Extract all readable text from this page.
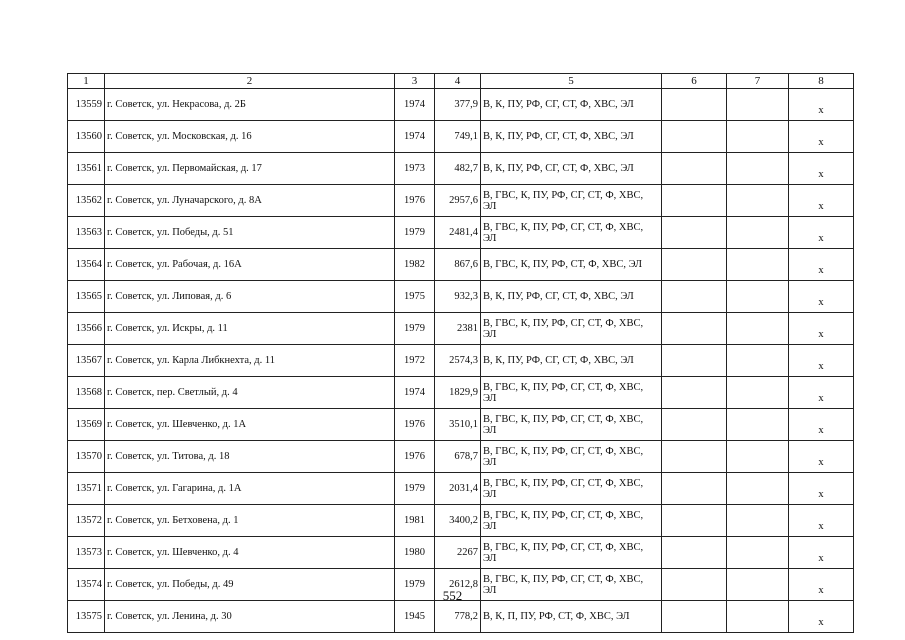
1	2	3	4	5	6	7	8
13559	г. Советск, ул. Некрасова, д. 2Б	1974	377,9	В, К, ПУ, РФ, СГ, СТ, Ф, ХВС, ЭЛ			x
13560	г. Советск, ул. Московская, д. 16	1974	749,1	В, К, ПУ, РФ, СГ, СТ, Ф, ХВС, ЭЛ			x
13561	г. Советск, ул. Первомайская, д. 17	1973	482,7	В, К, ПУ, РФ, СГ, СТ, Ф, ХВС, ЭЛ			x
13562	г. Советск, ул. Луначарского, д. 8А	1976	2957,6	В, ГВС, К, ПУ, РФ, СГ, СТ, Ф, ХВС, ЭЛ			x
13563	г. Советск, ул. Победы, д. 51	1979	2481,4	В, ГВС, К, ПУ, РФ, СГ, СТ, Ф, ХВС, ЭЛ			x
13564	г. Советск, ул. Рабочая, д. 16А	1982	867,6	В, ГВС, К, ПУ, РФ, СТ, Ф, ХВС, ЭЛ			x
13565	г. Советск, ул. Липовая, д. 6	1975	932,3	В, К, ПУ, РФ, СГ, СТ, Ф, ХВС, ЭЛ			x
13566	г. Советск, ул. Искры, д. 11	1979	2381	В, ГВС, К, ПУ, РФ, СГ, СТ, Ф, ХВС, ЭЛ			x
13567	г. Советск, ул. Карла Либкнехта, д. 11	1972	2574,3	В, К, ПУ, РФ, СГ, СТ, Ф, ХВС, ЭЛ			x
13568	г. Советск, пер. Светлый, д. 4	1974	1829,9	В, ГВС, К, ПУ, РФ, СГ, СТ, Ф, ХВС, ЭЛ			x
13569	г. Советск, ул. Шевченко, д. 1А	1976	3510,1	В, ГВС, К, ПУ, РФ, СГ, СТ, Ф, ХВС, ЭЛ			x
13570	г. Советск, ул. Титова, д. 18	1976	678,7	В, ГВС, К, ПУ, РФ, СГ, СТ, Ф, ХВС, ЭЛ			x
13571	г. Советск, ул. Гагарина, д. 1А	1979	2031,4	В, ГВС, К, ПУ, РФ, СГ, СТ, Ф, ХВС, ЭЛ			x
13572	г. Советск, ул. Бетховена, д. 1	1981	3400,2	В, ГВС, К, ПУ, РФ, СГ, СТ, Ф, ХВС, ЭЛ			x
13573	г. Советск, ул. Шевченко, д. 4	1980	2267	В, ГВС, К, ПУ, РФ, СГ, СТ, Ф, ХВС, ЭЛ			x
13574	г. Советск, ул. Победы, д. 49	1979	2612,8	В, ГВС, К, ПУ, РФ, СГ, СТ, Ф, ХВС, ЭЛ			x
13575	г. Советск, ул. Ленина, д. 30	1945	778,2	В, К, П, ПУ, РФ, СТ, Ф, ХВС, ЭЛ			x
552
